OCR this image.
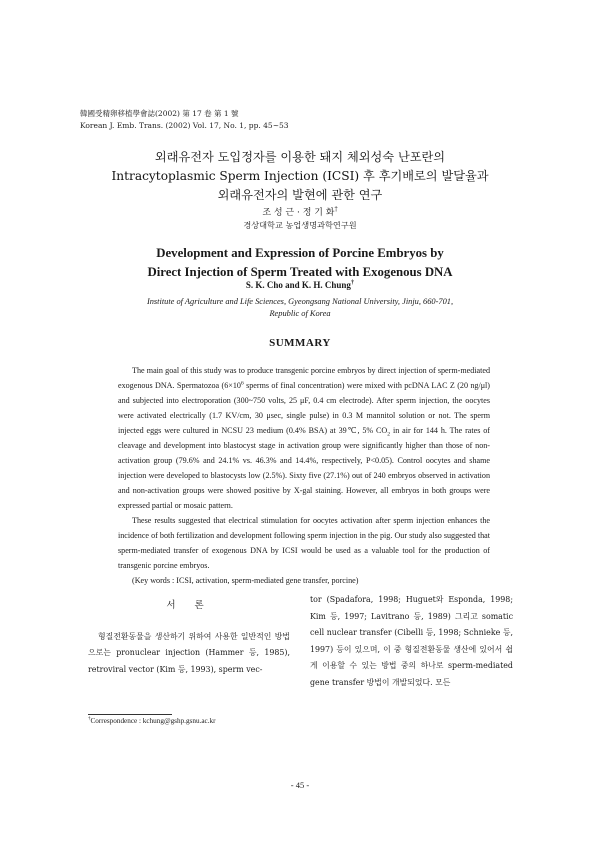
韓國受精卵移植學會誌(2002) 第 17 卷 第 1 號
Korean J. Emb. Trans. (2002) Vol. 17, No. 1, pp. 45~53
외래유전자 도입정자를 이용한 돼지 체외성숙 난포란의
Intracytoplasmic Sperm Injection (ICSI) 후 후기배로의 발달율과
외래유전자의 발현에 관한 연구
조 성 근 · 정 기 화†
경상대학교 농업생명과학연구원
Development and Expression of Porcine Embryos by
Direct Injection of Sperm Treated with Exogenous DNA
S. K. Cho and K. H. Chung†
Institute of Agriculture and Life Sciences, Gyeongsang National University, Jinju, 660-701,
Republic of Korea
SUMMARY

The main goal of this study was to produce transgenic porcine embryos by direct injection of sperm-mediated exogenous DNA. Spermatozoa ($6\times 10^6$ sperms of final concentration) were mixed with pcDNA LAC Z (20 ng/μl) and subjected into electroporation (300~750 volts, 25 μF, 0.4 cm electrode). After sperm injection, the oocytes were activated electrically (1.7 KV/cm, 30 μsec, single pulse) in 0.3 M mannitol solution or not. The sperm injected eggs were cultured in NCSU 23 medium (0.4% BSA) at 39℃, 5% $CO_2$ in air for 144 h. The rates of cleavage and development into blastocyst stage in activation group were significantly higher than those of non-activation group (79.6% and 24.1% vs. 46.3% and 14.4%, respectively, P<0.05). Control oocytes and shame injection were developed to blastocysts low (2.5%). Sixty five (27.1%) out of 240 embryos observed in activation and non-activation groups were showed positive by X-gal staining. However, all embryos in both groups were expressed partial or mosaic pattern.

These results suggested that electrical stimulation for oocytes activation after sperm injection enhances the incidence of both fertilization and development following sperm injection in the pig. Our study also suggested that sperm-mediated transfer of exogenous DNA by ICSI would be used as a valuable tool for the production of transgenic porcine embryos.

(Key words : ICSI, activation, sperm-mediated gene transfer, porcine)

서 론
형질전환동물을 생산하기 위하여 사용한 일반적인 방법으로는 pronuclear injection (Hammer 등, 1985), retroviral vector (Kim 등, 1993), sperm vec-
tor (Spadafora, 1998; Huguet와 Esponda, 1998; Kim 등, 1997; Lavitrano 등, 1989) 그리고 somatic cell nuclear transfer (Cibelli 등, 1998; Schnieke 등, 1997) 등이 있으며, 이 중 형질전환동물 생산에 있어서 쉽게 이용할 수 있는 방법 중의 하나로 sperm-mediated gene transfer 방법이 개발되었다. 모든
†Correspondence : kchung@gshp.gsnu.ac.kr
- 45 -
